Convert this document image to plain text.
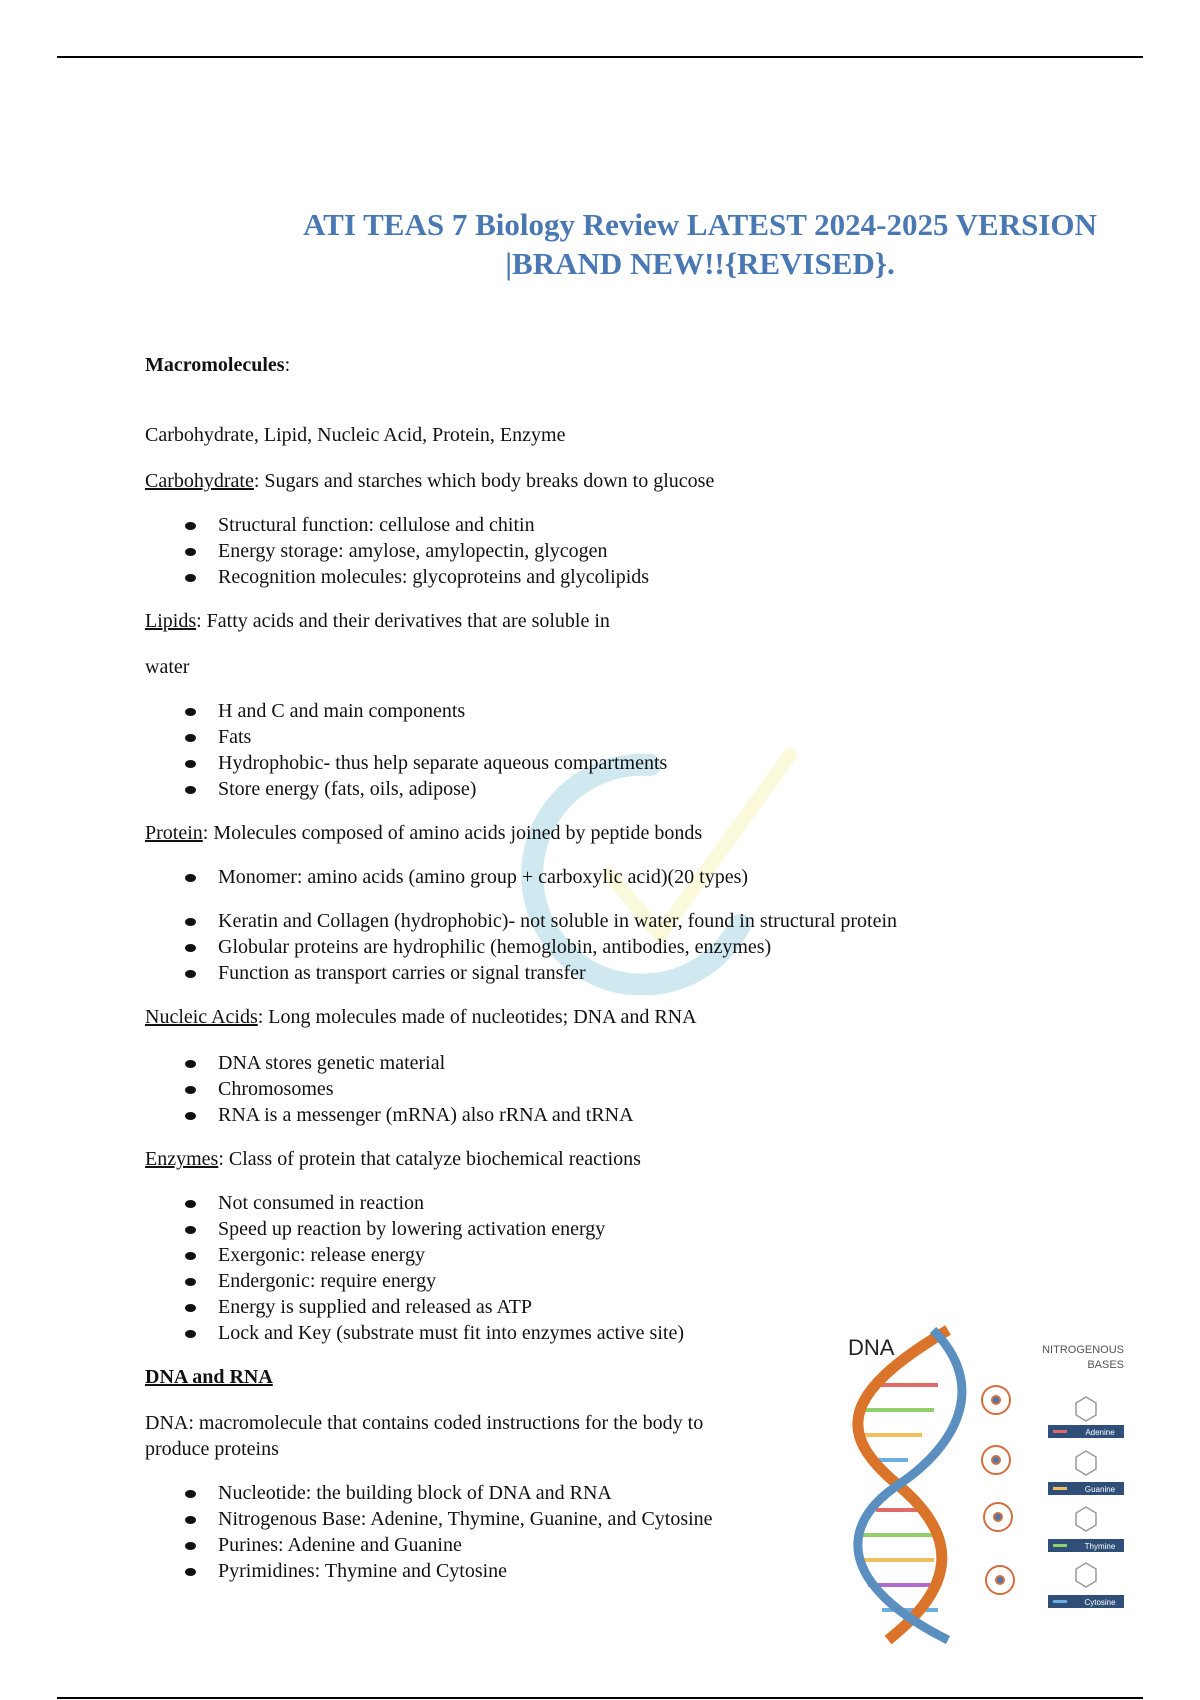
ATI TEAS 7 Biology Review LATEST 2024-2025 VERSION
|BRAND NEW!!{REVISED}.

Macromolecules:

Carbohydrate, Lipid, Nucleic Acid, Protein, Enzyme

Carbohydrate: Sugars and starches which body breaks down to glucose

Structural function: cellulose and chitin
Energy storage: amylose, amylopectin, glycogen
Recognition molecules: glycoproteins and glycolipids

Lipids: Fatty acids and their derivatives that are soluble in

water

H and C and main components
Fats
Hydrophobic- thus help separate aqueous compartments
Store energy (fats, oils, adipose)

Protein: Molecules composed of amino acids joined by peptide bonds

Monomer: amino acids (amino group + carboxylic acid)(20 types)
Keratin and Collagen (hydrophobic)- not soluble in water, found in structural protein
Globular proteins are hydrophilic (hemoglobin, antibodies, enzymes)
Function as transport carries or signal transfer

Nucleic Acids: Long molecules made of nucleotides; DNA and RNA

DNA stores genetic material
Chromosomes
RNA is a messenger (mRNA) also rRNA and tRNA

Enzymes: Class of protein that catalyze biochemical reactions

Not consumed in reaction
Speed up reaction by lowering activation energy
Exergonic: release energy
Endergonic: require energy
Energy is supplied and released as ATP
Lock and Key (substrate must fit into enzymes active site)

DNA and RNA

DNA: macromolecule that contains coded instructions for the body to
produce proteins

Nucleotide: the building block of DNA and RNA
Nitrogenous Base: Adenine, Thymine, Guanine, and Cytosine
Purines: Adenine and Guanine
Pyrimidines: Thymine and Cytosine
DNA	NITROGENOUS
BASES
Adenine
Guanine
Thymine
Cytosine
